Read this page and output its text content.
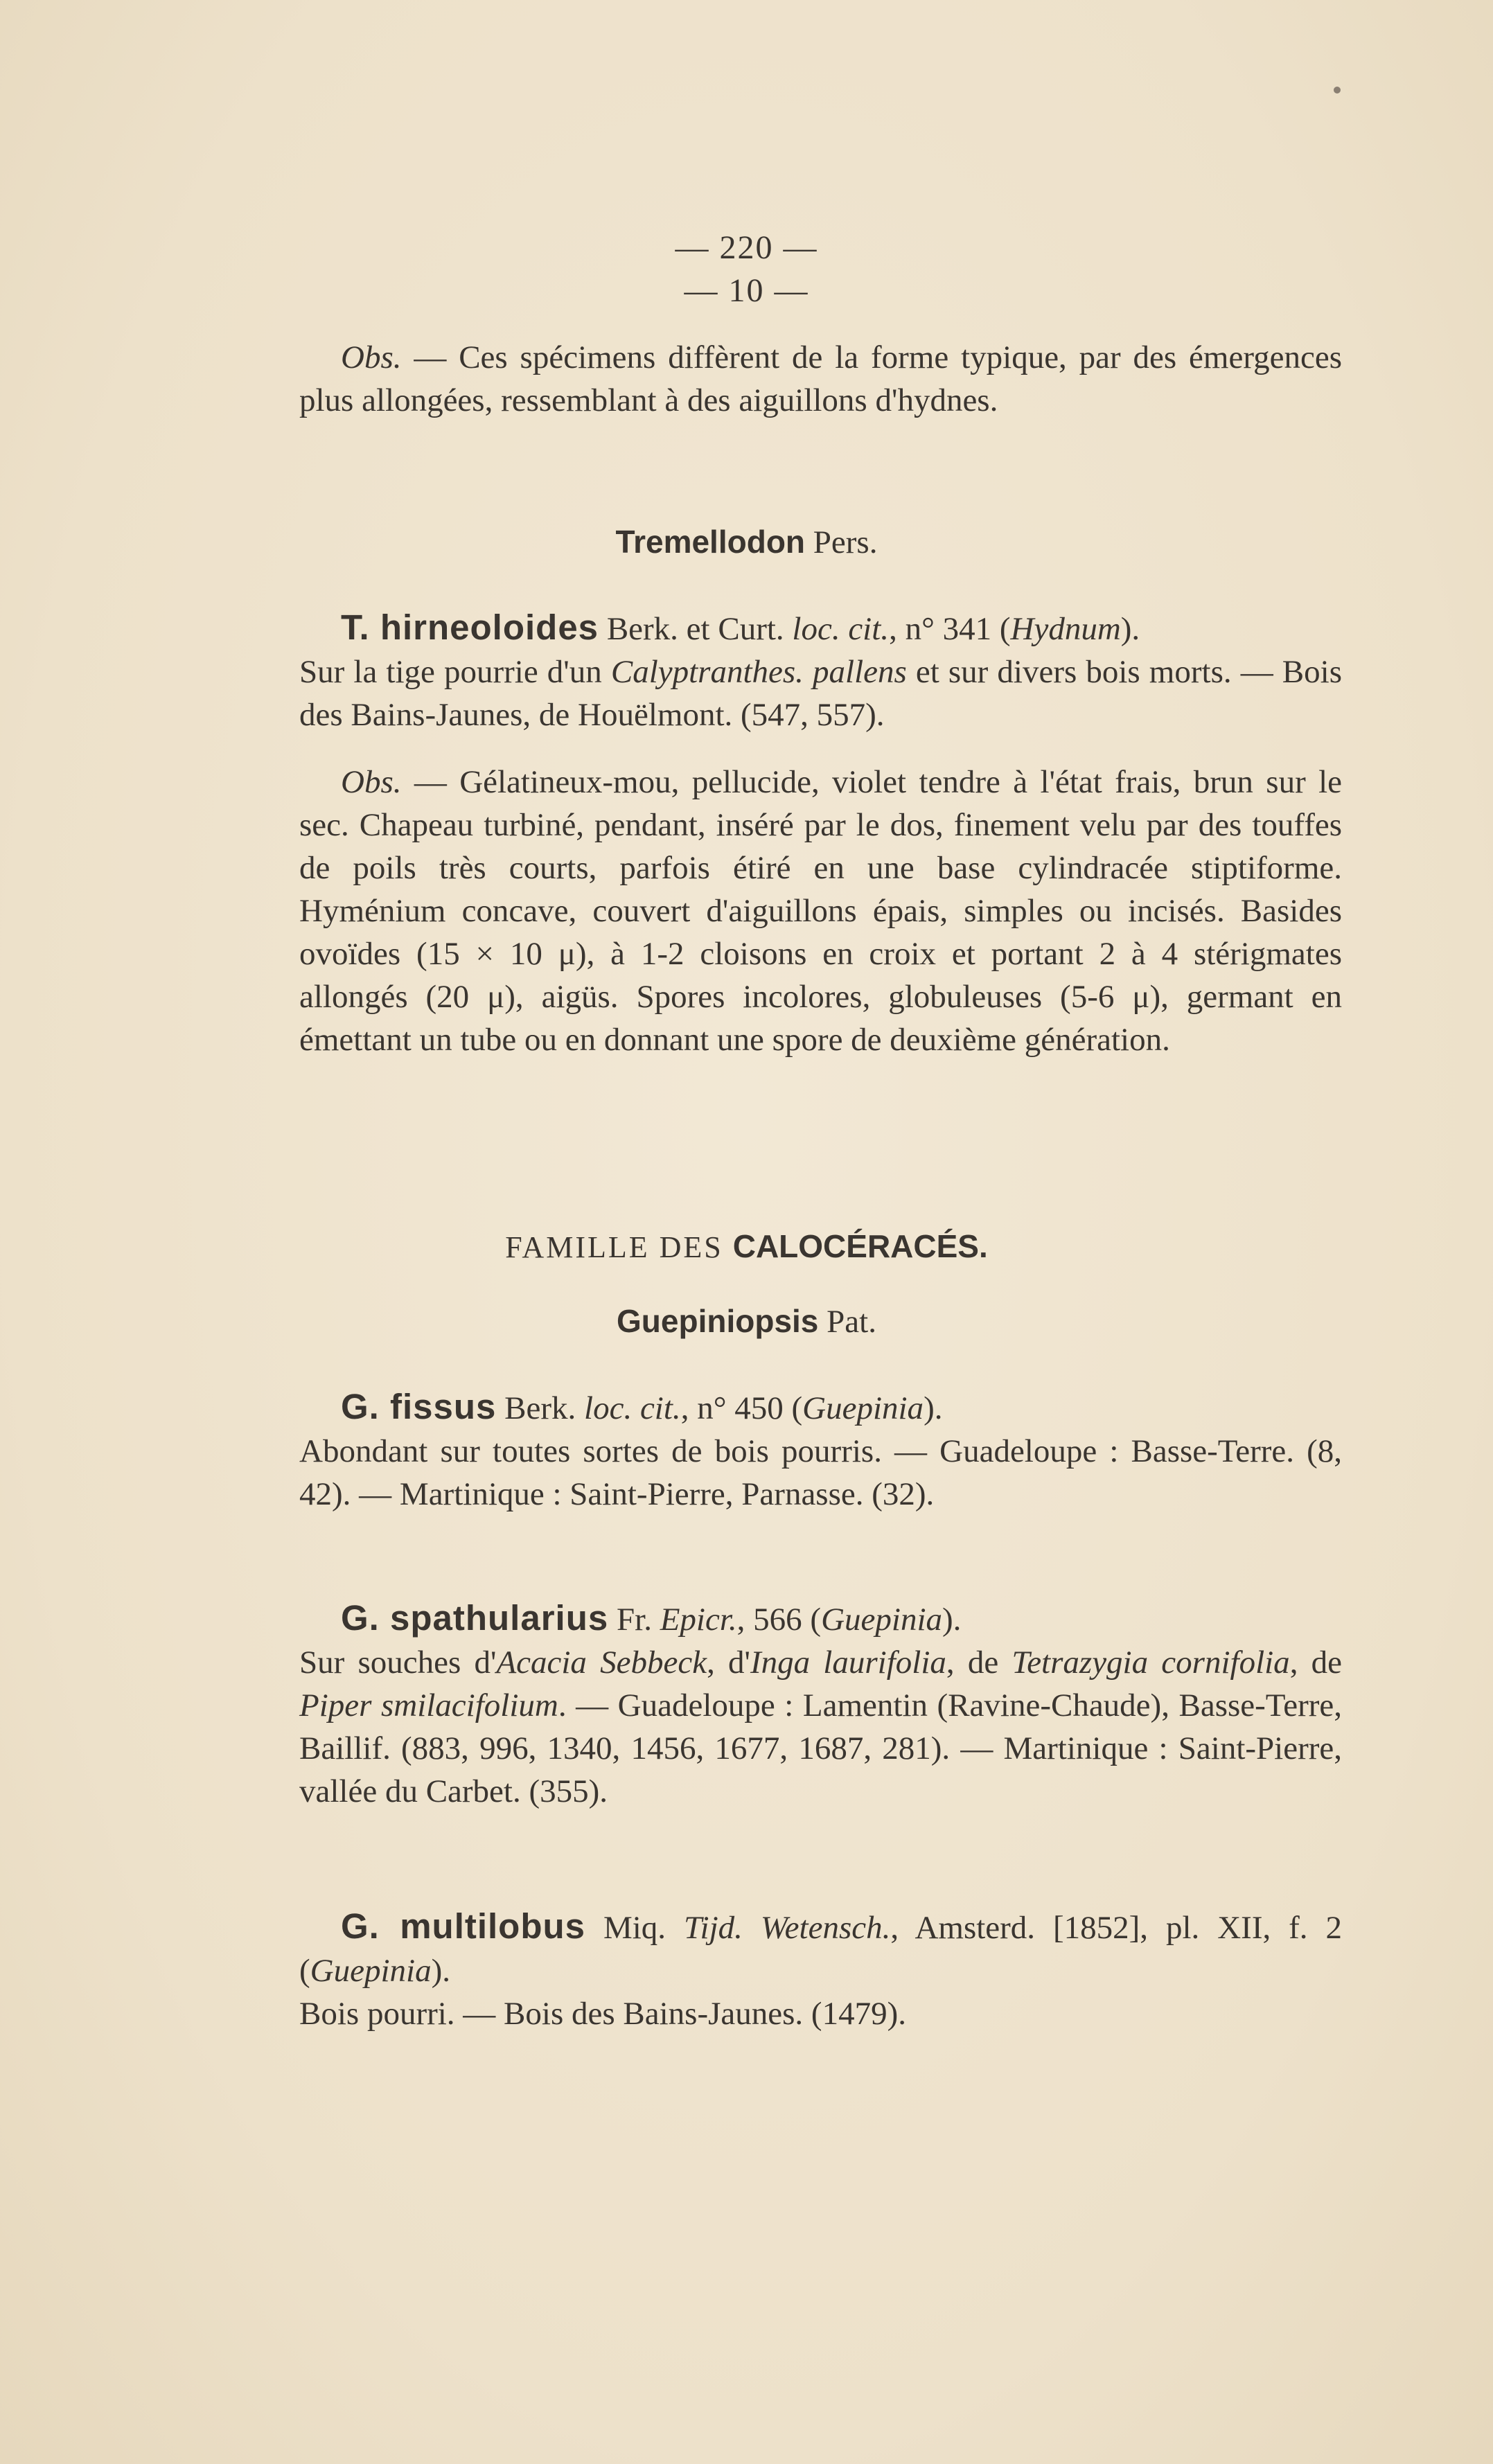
— 220 —
— 10 —

Obs. — Ces spécimens diffèrent de la forme typique, par des émergences plus allongées, ressemblant à des aiguillons d'hydnes.

Tremellodon Pers.

T. hirneoloides Berk. et Curt. loc. cit., n° 341 (Hydnum).
Sur la tige pourrie d'un Calyptranthes. pallens et sur divers bois morts. — Bois des Bains-Jaunes, de Houëlmont. (547, 557).

Obs. — Gélatineux-mou, pellucide, violet tendre à l'état frais, brun sur le sec. Chapeau turbiné, pendant, inséré par le dos, finement velu par des touffes de poils très courts, parfois étiré en une base cylindracée stiptiforme. Hyménium concave, couvert d'aiguillons épais, simples ou incisés. Basides ovoïdes (15 × 10 μ), à 1-2 cloisons en croix et portant 2 à 4 stérigmates allongés (20 μ), aigüs. Spores incolores, globuleuses (5-6 μ), germant en émettant un tube ou en donnant une spore de deuxième génération.

FAMILLE DES CALOCÉRACÉS.
Guepiniopsis Pat.

G. fissus Berk. loc. cit., n° 450 (Guepinia).
Abondant sur toutes sortes de bois pourris. — Guadeloupe : Basse-Terre. (8, 42). — Martinique : Saint-Pierre, Parnasse. (32).

G. spathularius Fr. Epicr., 566 (Guepinia).
Sur souches d'Acacia Sebbeck, d'Inga laurifolia, de Tetrazygia cornifolia, de Piper smilacifolium. — Guadeloupe : Lamentin (Ravine-Chaude), Basse-Terre, Baillif. (883, 996, 1340, 1456, 1677, 1687, 281). — Martinique : Saint-Pierre, vallée du Carbet. (355).

G. multilobus Miq. Tijd. Wetensch., Amsterd. [1852], pl. XII, f. 2 (Guepinia).
Bois pourri. — Bois des Bains-Jaunes. (1479).
